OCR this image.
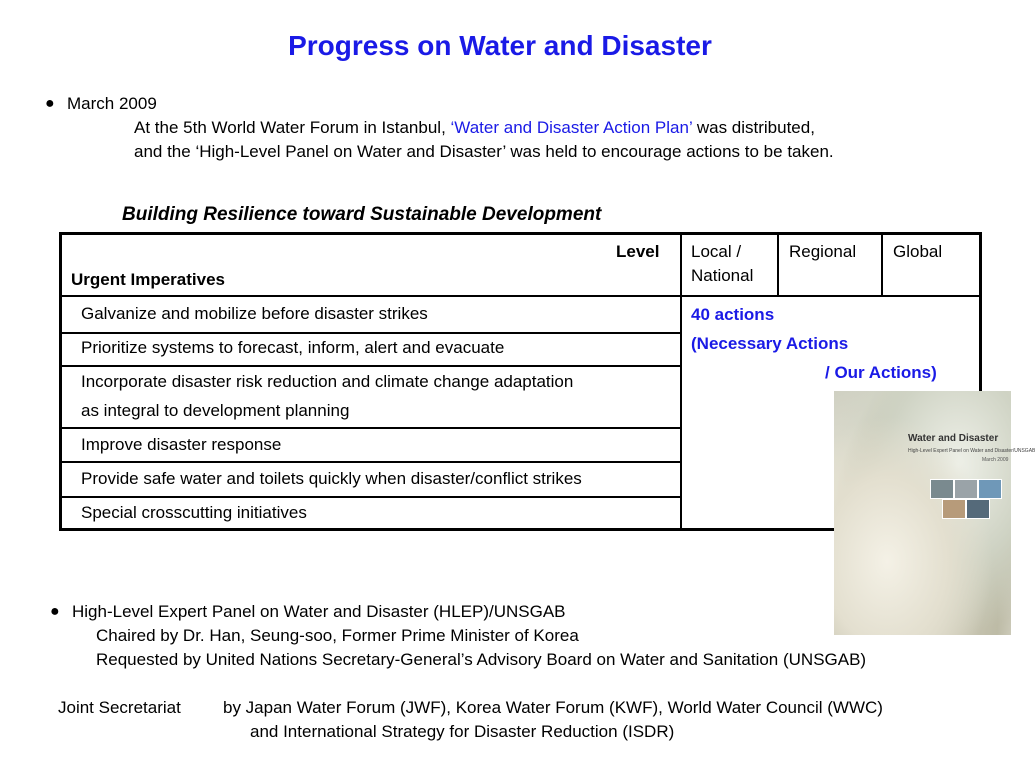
Progress on Water and Disaster
● March 2009
At the 5th World Water Forum in Istanbul, ‘Water and Disaster Action Plan’ was distributed,
and the ‘High-Level Panel on Water and Disaster’ was held to encourage actions to be taken.
Building Resilience toward Sustainable Development
Level
Urgent Imperatives
Local /
National
Regional Global
Galvanize and mobilize before disaster strikes
Prioritize systems to forecast, inform, alert and evacuate
Incorporate disaster risk reduction and climate change adaptation
as integral to development planning
Improve disaster response
Provide safe water and toilets quickly when disaster/conflict strikes
Special crosscutting initiatives
40 actions
(Necessary Actions
/ Our Actions)
Water and Disaster
High-Level Expert Panel on Water and Disaster/UNSGAB
March 2009
● High-Level Expert Panel on Water and Disaster (HLEP)/UNSGAB
Chaired by Dr. Han, Seung-soo, Former Prime Minister of Korea
Requested by United Nations Secretary-General’s Advisory Board on Water and Sanitation (UNSGAB)
Joint Secretariat by Japan Water Forum (JWF), Korea Water Forum (KWF), World Water Council (WWC)
and International Strategy for Disaster Reduction (ISDR)
